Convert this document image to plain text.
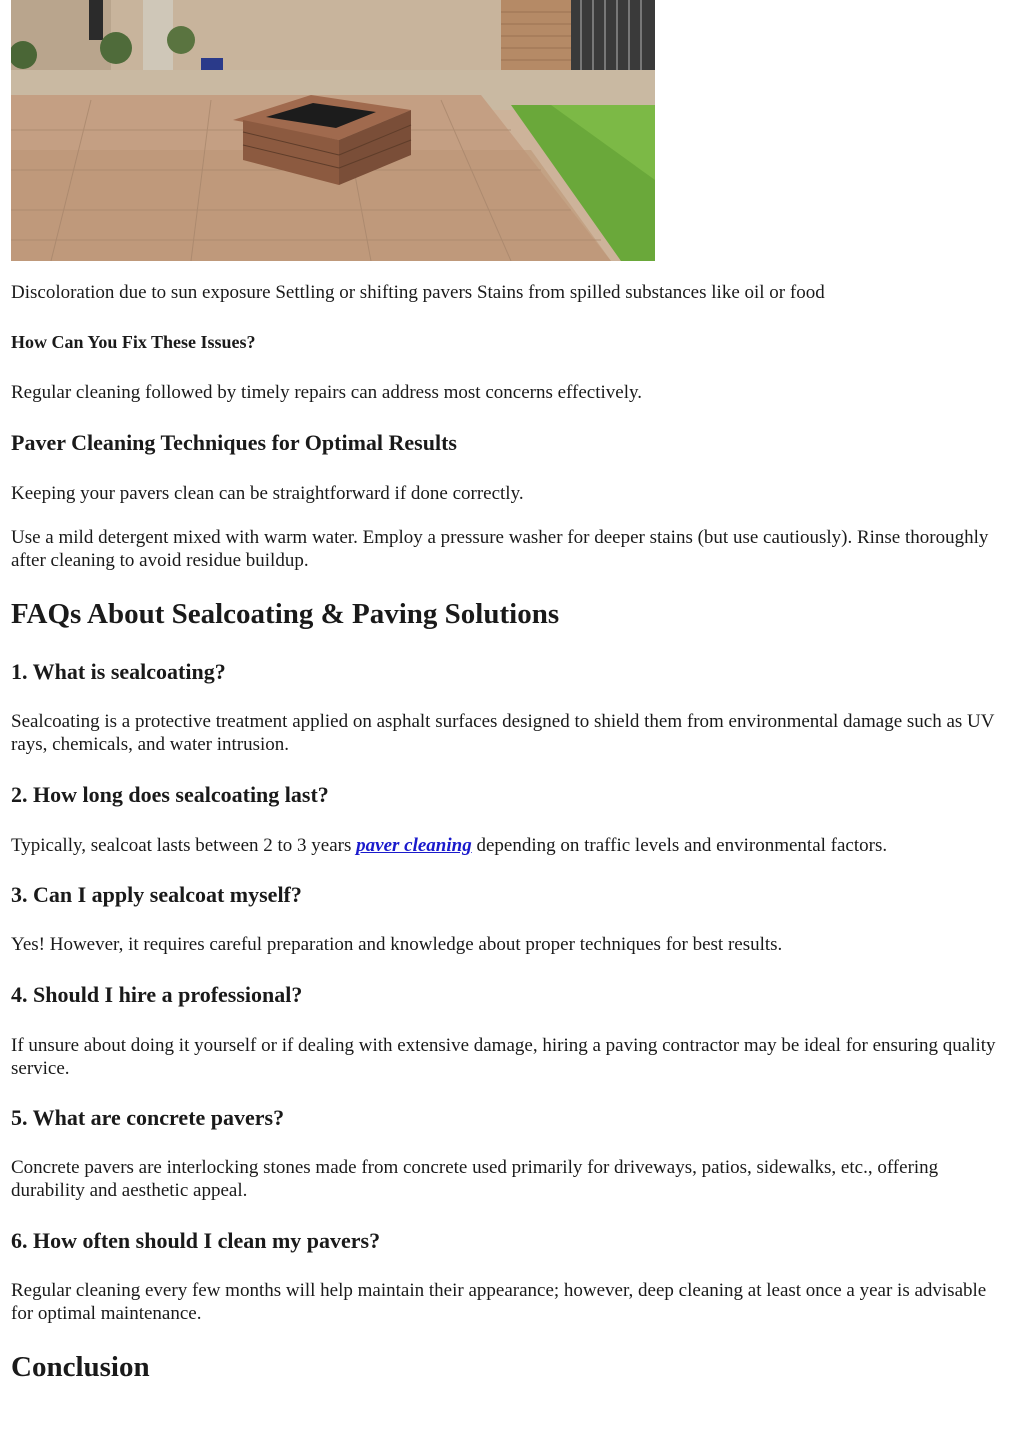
Discoloration due to sun exposure Settling or shifting pavers Stains from spilled substances like oil or food

How Can You Fix These Issues?

Regular cleaning followed by timely repairs can address most concerns effectively.

Paver Cleaning Techniques for Optimal Results

Keeping your pavers clean can be straightforward if done correctly.

Use a mild detergent mixed with warm water. Employ a pressure washer for deeper stains (but use cautiously). Rinse thoroughly after cleaning to avoid residue buildup.

FAQs About Sealcoating & Paving Solutions
1. What is sealcoating?

Sealcoating is a protective treatment applied on asphalt surfaces designed to shield them from environmental damage such as UV rays, chemicals, and water intrusion.

2. How long does sealcoating last?

Typically, sealcoat lasts between 2 to 3 years paver cleaning depending on traffic levels and environmental factors.

3. Can I apply sealcoat myself?

Yes! However, it requires careful preparation and knowledge about proper techniques for best results.

4. Should I hire a professional?

If unsure about doing it yourself or if dealing with extensive damage, hiring a paving contractor may be ideal for ensuring quality service.

5. What are concrete pavers?

Concrete pavers are interlocking stones made from concrete used primarily for driveways, patios, sidewalks, etc., offering durability and aesthetic appeal.

6. How often should I clean my pavers?

Regular cleaning every few months will help maintain their appearance; however, deep cleaning at least once a year is advisable for optimal maintenance.

Conclusion
